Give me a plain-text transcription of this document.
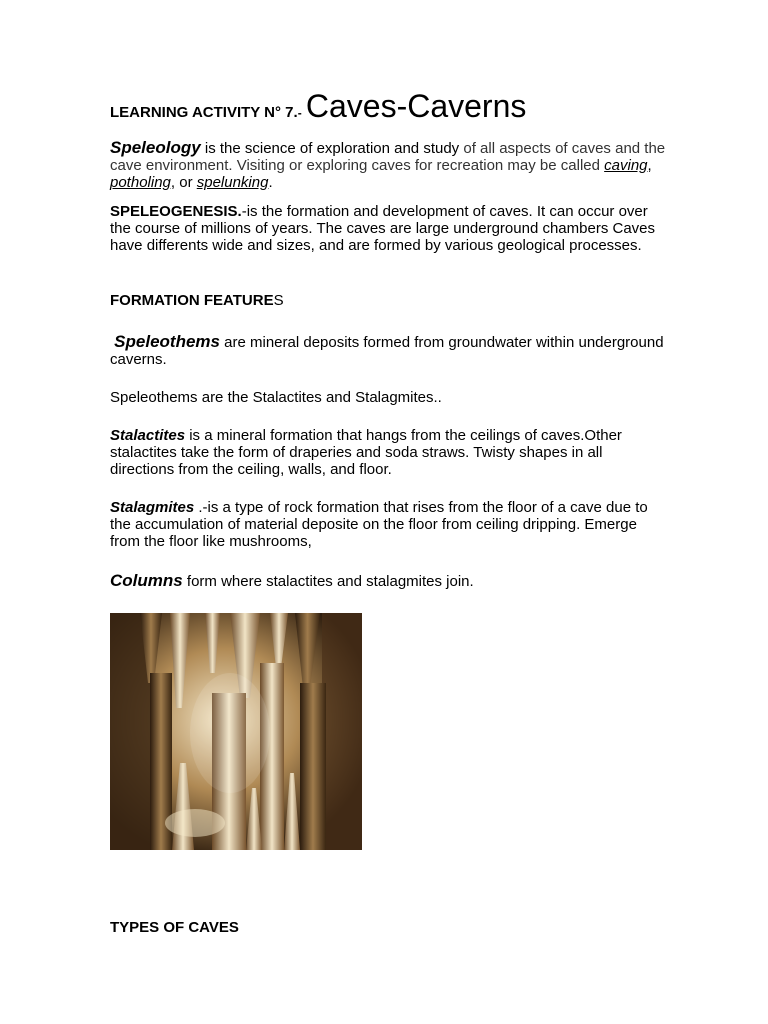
LEARNING ACTIVITY N° 7.- Caves-Caverns
Speleology is the science of exploration and study of all aspects of caves and the cave environment. Visiting or exploring caves for recreation may be called caving, potholing, or spelunking.
SPELEOGENESIS.-is the formation and development of caves. It can occur over the course of millions of years. The caves are large underground chambers Caves have differents wide and sizes, and are formed by various geological processes.
FORMATION FEATURES
Speleothems are mineral deposits formed from groundwater within underground caverns.
Speleothems are the Stalactites and Stalagmites..
Stalactites is a mineral formation that hangs from the ceilings of caves.Other stalactites take the form of draperies and soda straws. Twisty shapes in all directions from the ceiling, walls, and floor.
Stalagmites .-is a type of rock formation that rises from the floor of a cave due to the accumulation of material deposite on the floor from ceiling dripping. Emerge from the floor like mushrooms,
Columns form where stalactites and stalagmites join.
TYPES OF CAVES
